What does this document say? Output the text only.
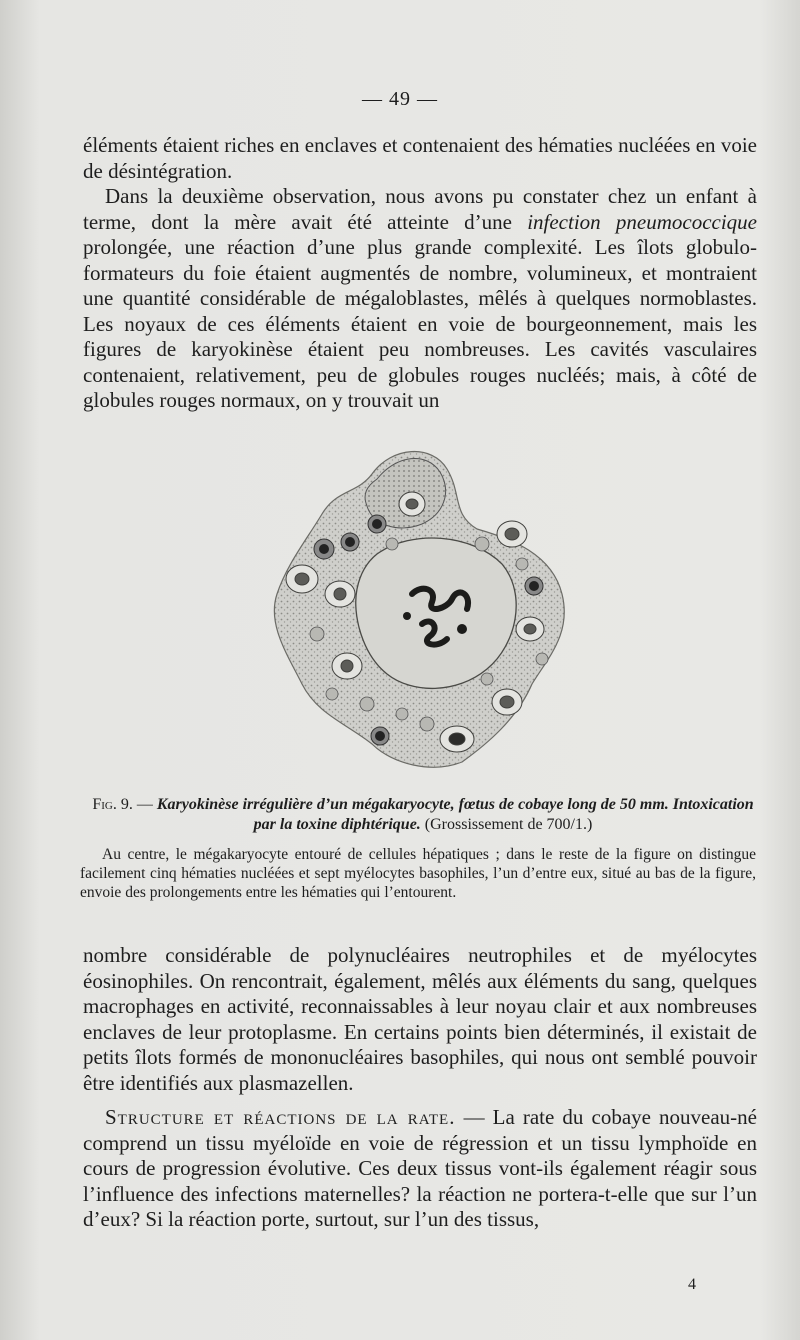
— 49 —

éléments étaient riches en enclaves et contenaient des hématies nucléées en voie de désintégration.

Dans la deuxième observation, nous avons pu constater chez un enfant à terme, dont la mère avait été atteinte d’une infection pneumococcique prolongée, une réaction d’une plus grande complexité. Les îlots globulo-formateurs du foie étaient augmentés de nombre, volumineux, et montraient une quantité considérable de mégaloblastes, mêlés à quelques normoblastes. Les noyaux de ces éléments étaient en voie de bourgeonnement, mais les figures de karyokinèse étaient peu nombreuses. Les cavités vasculaires contenaient, relativement, peu de globules rouges nucléés; mais, à côté de globules rouges normaux, on y trouvait un

Fig. 9. — Karyokinèse irrégulière d’un mégakaryocyte, fœtus de cobaye long de 50 mm. Intoxication par la toxine diphtérique. (Grossissement de 700/1.)

Au centre, le mégakaryocyte entouré de cellules hépatiques ; dans le reste de la figure on distingue facilement cinq hématies nucléées et sept myélocytes basophiles, l’un d’entre eux, situé au bas de la figure, envoie des prolongements entre les hématies qui l’entourent.

nombre considérable de polynucléaires neutrophiles et de myélocytes éosinophiles. On rencontrait, également, mêlés aux éléments du sang, quelques macrophages en activité, reconnaissables à leur noyau clair et aux nombreuses enclaves de leur protoplasme. En certains points bien déterminés, il existait de petits îlots formés de mononucléaires basophiles, qui nous ont semblé pouvoir être identifiés aux plasmazellen.

Structure et réactions de la rate. — La rate du cobaye nouveau-né comprend un tissu myéloïde en voie de régression et un tissu lymphoïde en cours de progression évolutive. Ces deux tissus vont-ils également réagir sous l’influence des infections maternelles? la réaction ne portera-t-elle que sur l’un d’eux? Si la réaction porte, surtout, sur l’un des tissus,

4
